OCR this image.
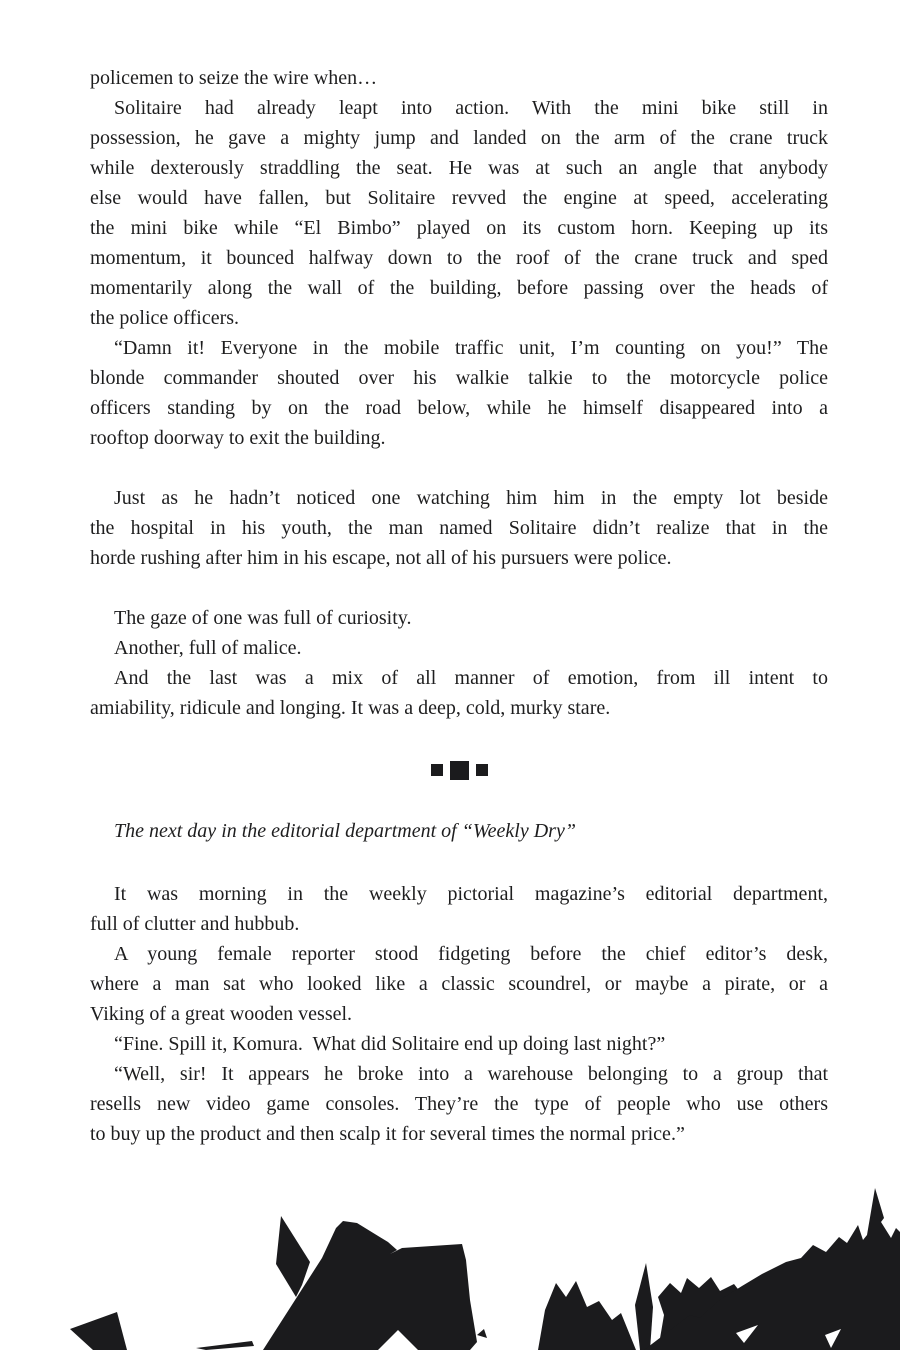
policemen to seize the wire when…
Solitaire had already leapt into action. With the mini bike still in
possession, he gave a mighty jump and landed on the arm of the crane truck
while dexterously straddling the seat. He was at such an angle that anybody
else would have fallen, but Solitaire revved the engine at speed, accelerating
the mini bike while “El Bimbo” played on its custom horn. Keeping up its
momentum, it bounced halfway down to the roof of the crane truck and sped
momentarily along the wall of the building, before passing over the heads of
the police officers.
“Damn it! Everyone in the mobile traffic unit, I’m counting on you!” The
blonde commander shouted over his walkie talkie to the motorcycle police
officers standing by on the road below, while he himself disappeared into a
rooftop doorway to exit the building.
Just as he hadn’t noticed one watching him him in the empty lot beside
the hospital in his youth, the man named Solitaire didn’t realize that in the
horde rushing after him in his escape, not all of his pursuers were police.
The gaze of one was full of curiosity.
Another, full of malice.
And the last was a mix of all manner of emotion, from ill intent to
amiability, ridicule and longing. It was a deep, cold, murky stare.
The next day in the editorial department of “Weekly Dry”
It was morning in the weekly pictorial magazine’s editorial department,
full of clutter and hubbub.
A young female reporter stood fidgeting before the chief editor’s desk,
where a man sat who looked like a classic scoundrel, or maybe a pirate, or a
Viking of a great wooden vessel.
“Fine. Spill it, Komura.  What did Solitaire end up doing last night?”
“Well, sir! It appears he broke into a warehouse belonging to a group that
resells new video game consoles. They’re the type of people who use others
to buy up the product and then scalp it for several times the normal price.”
